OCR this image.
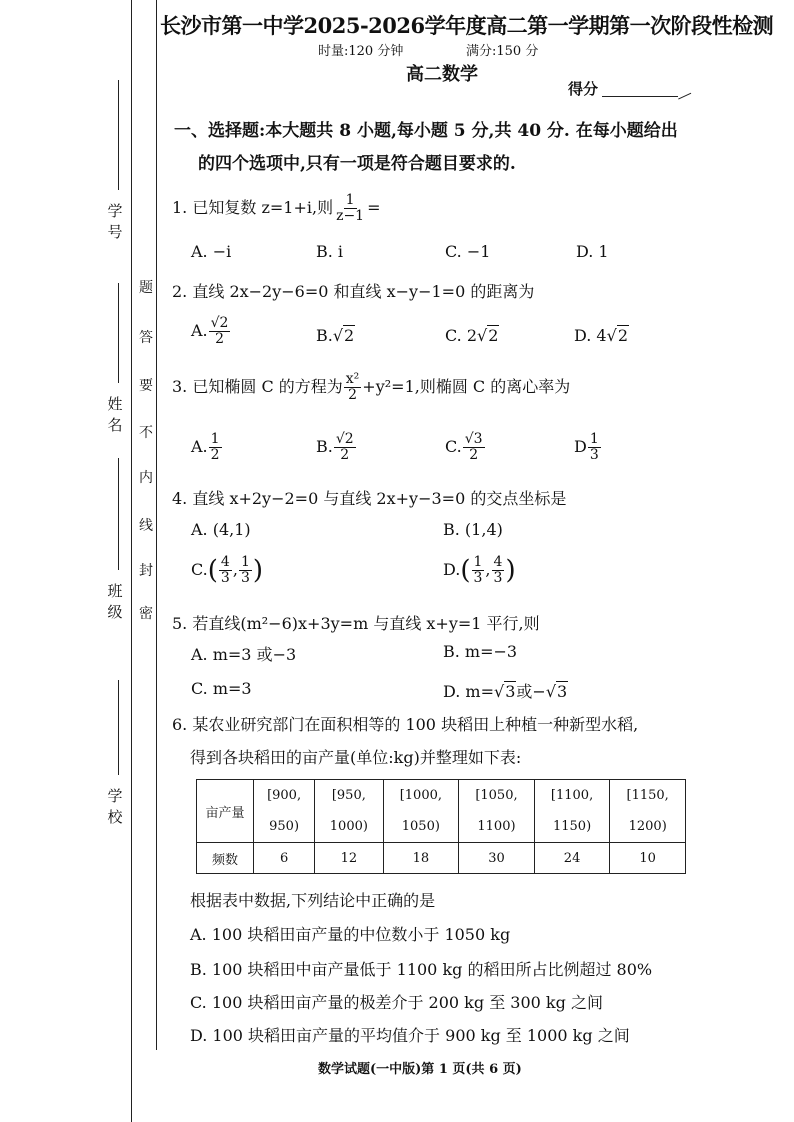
学 号
姓 名
班 级
学 校
题
答
要
不
内
线
封
密
长沙市第一中学2025-2026学年度高二第一学期第一次阶段性检测
时量:120 分钟	满分:150 分
高二数学
得分
一、选择题:本大题共 8 小题,每小题 5 分,共 40 分. 在每小题给出
的四个选项中,只有一项是符合题目要求的.
1. 已知复数 z=1+i,则 $\frac{1}{z-1}$ =
A. −i	B. i	C. −1	D. 1
2. 直线 2x−2y−6=0 和直线 x−y−1=0 的距离为
A. $\frac{√2}{2}$	B.√2	C. 2√2	D. 4√2
3. 已知椭圆 C 的方程为 $\frac{\text{x²}}{2} +y^2=1$,则椭圆 C 的离心率为
A. $\frac{1}{2}$	B. $\frac{√2}{2}$	C. $\frac{√3}{2}$	D $\frac{1}{3}$
4. 直线 x+2y−2=0 与直线 2x+y−3=0 的交点坐标是
A. (4,1)	B. (1,4)
$C.( \frac{4}{3}$ , $\frac{1}{3}$ )	$D.( \frac{1}{3}$ , $\frac{4}{3}$ )
5. 若直线(m²−6)x+3y=m 与直线 x+y=1 平行,则
A. m=3 或−3	B. m=−3
C. m=3	D. m=√3或−√3
6. 某农业研究部门在面积相等的 100 块稻田上种植一种新型水稻,
得到各块稻田的亩产量(单位:kg)并整理如下表:
亩产量	[900,	[950,	[1000,	[1050,	[1100,	[1150,
	950)	1000)	1050)	1100)	1150)	1200)
频数	6	12	18	30	24	10
根据表中数据,下列结论中正确的是
A. 100 块稻田亩产量的中位数小于 1050 kg
B. 100 块稻田中亩产量低于 1100 kg 的稻田所占比例超过 80%
C. 100 块稻田亩产量的极差介于 200 kg 至 300 kg 之间
D. 100 块稻田亩产量的平均值介于 900 kg 至 1000 kg 之间
数学试题(一中版)第 1 页(共 6 页)
